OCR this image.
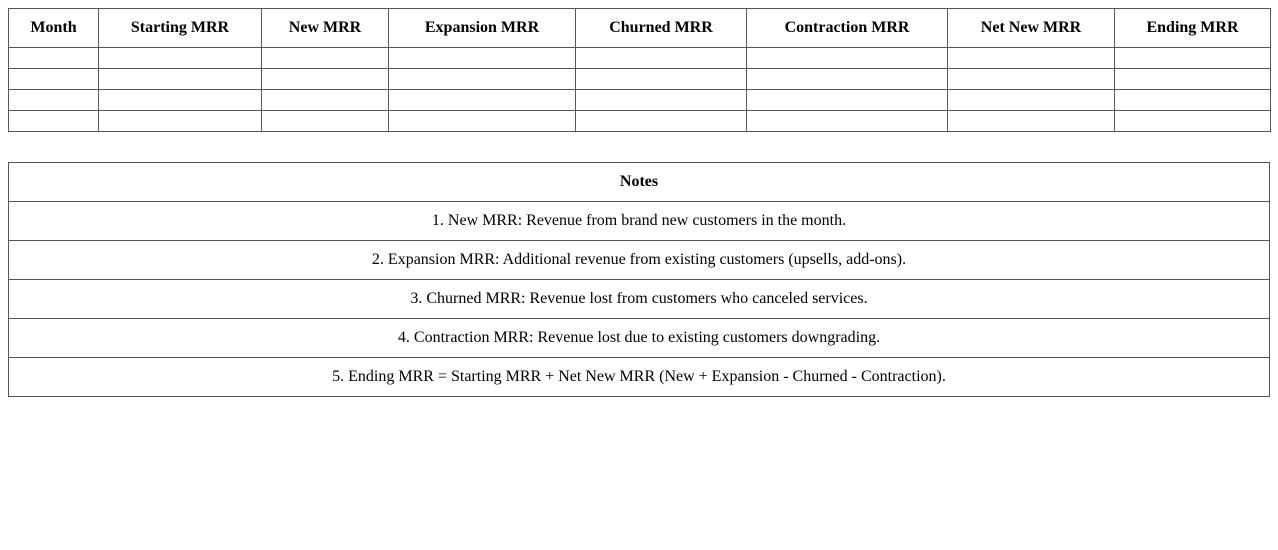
Month	Starting MRR	New MRR	Expansion MRR	Churned MRR	Contraction MRR	Net New MRR	Ending MRR

Notes
1. New MRR: Revenue from brand new customers in the month.
2. Expansion MRR: Additional revenue from existing customers (upsells, add-ons).
3. Churned MRR: Revenue lost from customers who canceled services.
4. Contraction MRR: Revenue lost due to existing customers downgrading.
5. Ending MRR = Starting MRR + Net New MRR (New + Expansion - Churned - Contraction).
